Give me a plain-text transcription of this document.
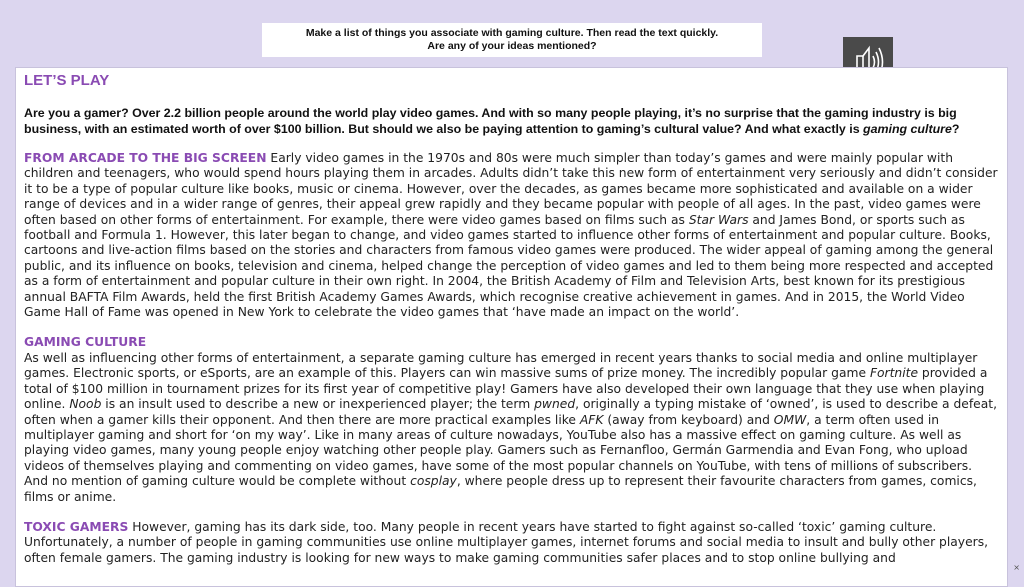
Make a list of things you associate with gaming culture. Then read the text quickly.
Are any of your ideas mentioned?
LET’S PLAY

Are you a gamer? Over 2.2 billion people around the world play video games. And with so many people playing, it’s no surprise that the gaming industry is big business, with an estimated worth of over $100 billion. But should we also be paying attention to gaming’s cultural value? And what exactly is gaming culture?

FROM ARCADE TO THE BIG SCREEN Early video games in the 1970s and 80s were much simpler than today’s games and were mainly popular with children and teenagers, who would spend hours playing them in arcades. Adults didn’t take this new form of entertainment very seriously and didn’t consider it to be a type of popular culture like books, music or cinema. However, over the decades, as games became more sophisticated and available on a wider range of devices and in a wider range of genres, their appeal grew rapidly and they became popular with people of all ages. In the past, video games were often based on other forms of entertainment. For example, there were video games based on films such as Star Wars and James Bond, or sports such as football and Formula 1. However, this later began to change, and video games started to influence other forms of entertainment and popular culture. Books, cartoons and live-action films based on the stories and characters from famous video games were produced. The wider appeal of gaming among the general public, and its influence on books, television and cinema, helped change the perception of video games and led to them being more respected and accepted as a form of entertainment and popular culture in their own right. In 2004, the British Academy of Film and Television Arts, best known for its prestigious annual BAFTA Film Awards, held the first British Academy Games Awards, which recognise creative achievement in games. And in 2015, the World Video Game Hall of Fame was opened in New York to celebrate the video games that ‘have made an impact on the world’.

GAMING CULTURE
As well as influencing other forms of entertainment, a separate gaming culture has emerged in recent years thanks to social media and online multiplayer games. Electronic sports, or eSports, are an example of this. Players can win massive sums of prize money. The incredibly popular game Fortnite provided a total of $100 million in tournament prizes for its first year of competitive play! Gamers have also developed their own language that they use when playing online. Noob is an insult used to describe a new or inexperienced player; the term pwned, originally a typing mistake of ‘owned’, is used to describe a defeat, often when a gamer kills their opponent. And then there are more practical examples like AFK (away from keyboard) and OMW, a term often used in multiplayer gaming and short for ‘on my way’. Like in many areas of culture nowadays, YouTube also has a massive effect on gaming culture. As well as playing video games, many young people enjoy watching other people play. Gamers such as Fernanfloo, Germán Garmendia and Evan Fong, who upload videos of themselves playing and commenting on video games, have some of the most popular channels on YouTube, with tens of millions of subscribers. And no mention of gaming culture would be complete without cosplay, where people dress up to represent their favourite characters from games, comics, films or anime.

TOXIC GAMERS However, gaming has its dark side, too. Many people in recent years have started to fight against so-called ‘toxic’ gaming culture. Unfortunately, a number of people in gaming communities use online multiplayer games, internet forums and social media to insult and bully other players, often female gamers. The gaming industry is looking for new ways to make gaming communities safer places and to stop online bullying and

×
